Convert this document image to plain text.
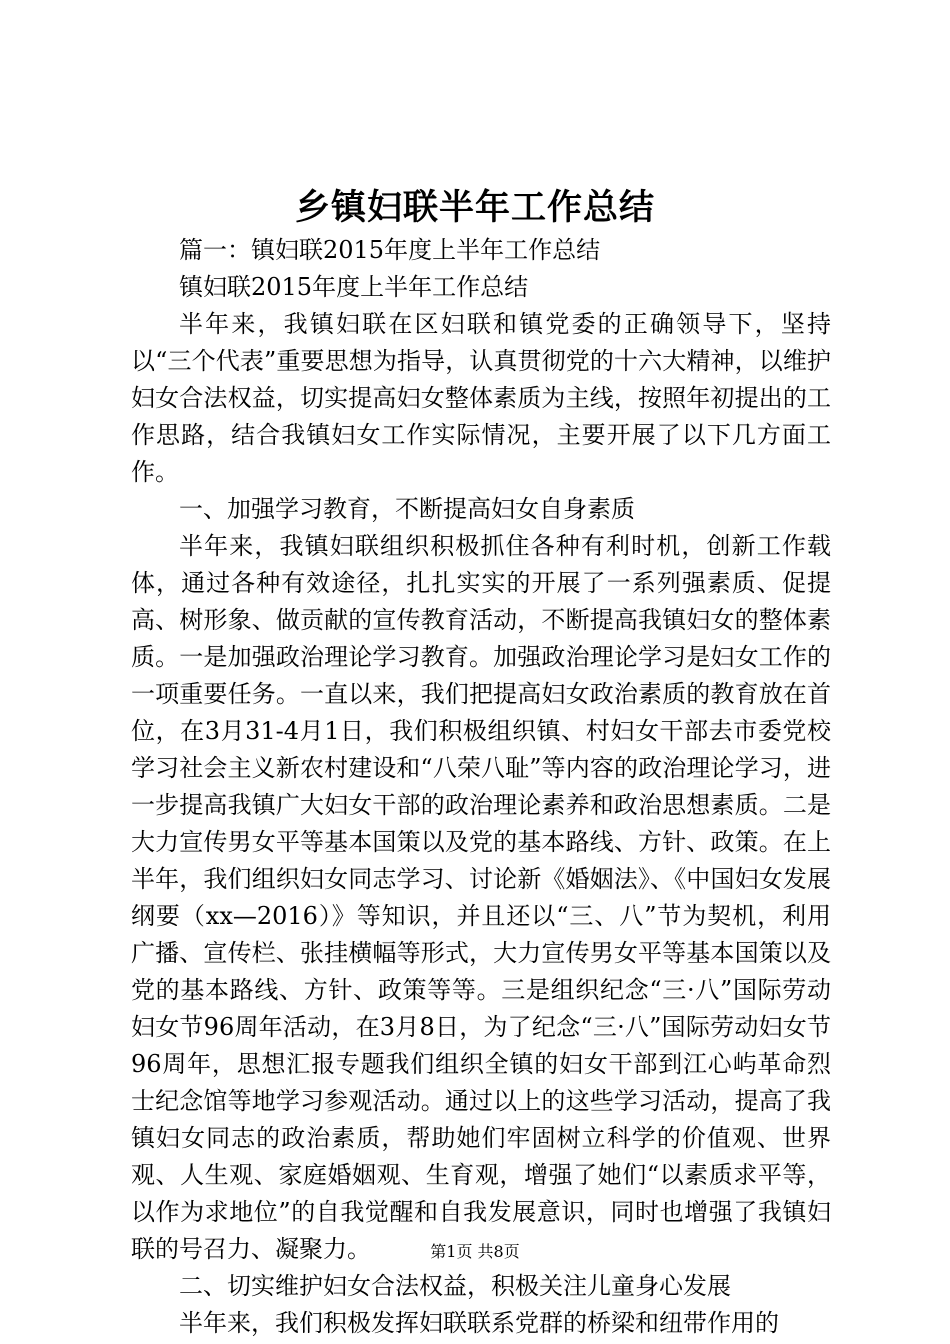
乡镇妇联半年工作总结

篇一：镇妇联2015年度上半年工作总结

镇妇联2015年度上半年工作总结

半年来，我镇妇联在区妇联和镇党委的正确领导下，坚持以“三个代表”重要思想为指导，认真贯彻党的十六大精神，以维护妇女合法权益，切实提高妇女整体素质为主线，按照年初提出的工作思路，结合我镇妇女工作实际情况，主要开展了以下几方面工作。

一、加强学习教育，不断提高妇女自身素质

半年来，我镇妇联组织积极抓住各种有利时机，创新工作载体，通过各种有效途径，扎扎实实的开展了一系列强素质、促提高、树形象、做贡献的宣传教育活动，不断提高我镇妇女的整体素质。一是加强政治理论学习教育。加强政治理论学习是妇女工作的一项重要任务。一直以来，我们把提高妇女政治素质的教育放在首位，在3月31-4月1日，我们积极组织镇、村妇女干部去市委党校学习社会主义新农村建设和“八荣八耻”等内容的政治理论学习，进一步提高我镇广大妇女干部的政治理论素养和政治思想素质。二是大力宣传男女平等基本国策以及党的基本路线、方针、政策。在上半年，我们组织妇女同志学习、讨论新《婚姻法》、《中国妇女发展纲要（xx—2016）》等知识，并且还以“三、八”节为契机，利用广播、宣传栏、张挂横幅等形式，大力宣传男女平等基本国策以及党的基本路线、方针、政策等等。三是组织纪念“三·八”国际劳动妇女节96周年活动，在3月8日，为了纪念“三·八”国际劳动妇女节96周年，思想汇报专题我们组织全镇的妇女干部到江心屿革命烈士纪念馆等地学习参观活动。通过以上的这些学习活动，提高了我镇妇女同志的政治素质，帮助她们牢固树立科学的价值观、世界观、人生观、家庭婚姻观、生育观，增强了她们“以素质求平等，以作为求地位”的自我觉醒和自我发展意识，同时也增强了我镇妇联的号召力、凝聚力。

二、切实维护妇女合法权益，积极关注儿童身心发展

半年来，我们积极发挥妇联联系党群的桥梁和纽带作用的

第1页 共8页
